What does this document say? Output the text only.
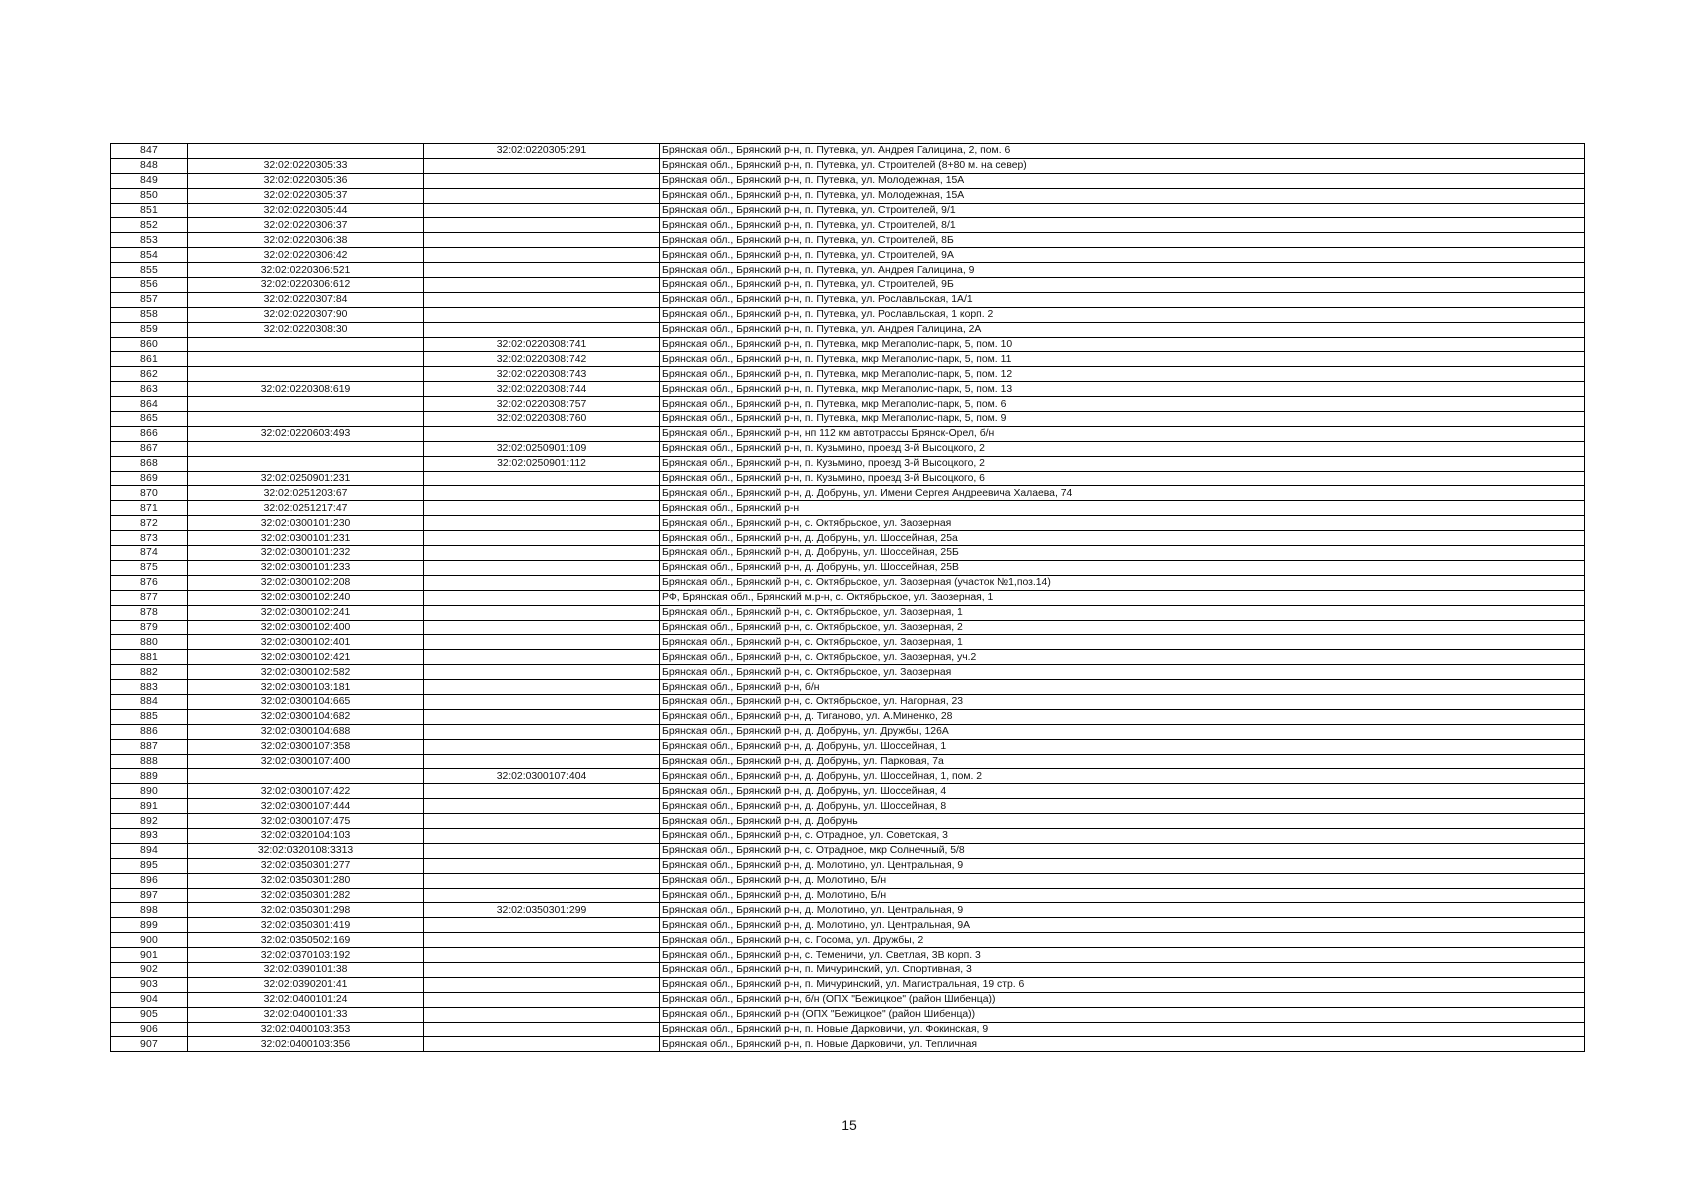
847		32:02:0220305:291	Брянская обл., Брянский р-н, п. Путевка, ул. Андрея Галицина, 2, пом. 6
848	32:02:0220305:33		Брянская обл., Брянский р-н, п. Путевка, ул. Строителей (8+80 м. на север)
849	32:02:0220305:36		Брянская обл., Брянский р-н, п. Путевка, ул. Молодежная, 15А
850	32:02:0220305:37		Брянская обл., Брянский р-н, п. Путевка, ул. Молодежная, 15А
851	32:02:0220305:44		Брянская обл., Брянский р-н, п. Путевка, ул. Строителей, 9/1
852	32:02:0220306:37		Брянская обл., Брянский р-н, п. Путевка, ул. Строителей, 8/1
853	32:02:0220306:38		Брянская обл., Брянский р-н, п. Путевка, ул. Строителей, 8Б
854	32:02:0220306:42		Брянская обл., Брянский р-н, п. Путевка, ул. Строителей, 9А
855	32:02:0220306:521		Брянская обл., Брянский р-н, п. Путевка, ул. Андрея Галицина, 9
856	32:02:0220306:612		Брянская обл., Брянский р-н, п. Путевка, ул. Строителей, 9Б
857	32:02:0220307:84		Брянская обл., Брянский р-н, п. Путевка, ул. Рославльская, 1А/1
858	32:02:0220307:90		Брянская обл., Брянский р-н, п. Путевка, ул. Рославльская, 1 корп. 2
859	32:02:0220308:30		Брянская обл., Брянский р-н, п. Путевка, ул. Андрея Галицина, 2А
860		32:02:0220308:741	Брянская обл., Брянский р-н, п. Путевка, мкр Мегаполис-парк, 5, пом. 10
861		32:02:0220308:742	Брянская обл., Брянский р-н, п. Путевка, мкр Мегаполис-парк, 5, пом. 11
862		32:02:0220308:743	Брянская обл., Брянский р-н, п. Путевка, мкр Мегаполис-парк, 5, пом. 12
863	32:02:0220308:619	32:02:0220308:744	Брянская обл., Брянский р-н, п. Путевка, мкр Мегаполис-парк, 5, пом. 13
864		32:02:0220308:757	Брянская обл., Брянский р-н, п. Путевка, мкр Мегаполис-парк, 5, пом. 6
865		32:02:0220308:760	Брянская обл., Брянский р-н, п. Путевка, мкр Мегаполис-парк, 5, пом. 9
866	32:02:0220603:493		Брянская обл., Брянский р-н, нп 112 км автотрассы Брянск-Орел, б/н
867		32:02:0250901:109	Брянская обл., Брянский р-н, п. Кузьмино, проезд 3-й Высоцкого, 2
868		32:02:0250901:112	Брянская обл., Брянский р-н, п. Кузьмино, проезд 3-й Высоцкого, 2
869	32:02:0250901:231		Брянская обл., Брянский р-н, п. Кузьмино, проезд 3-й Высоцкого, 6
870	32:02:0251203:67		Брянская обл., Брянский р-н, д. Добрунь, ул. Имени Сергея Андреевича Халаева, 74
871	32:02:0251217:47		Брянская обл., Брянский р-н
872	32:02:0300101:230		Брянская обл., Брянский р-н, с. Октябрьское, ул. Заозерная
873	32:02:0300101:231		Брянская обл., Брянский р-н, д. Добрунь, ул. Шоссейная, 25а
874	32:02:0300101:232		Брянская обл., Брянский р-н, д. Добрунь, ул. Шоссейная, 25Б
875	32:02:0300101:233		Брянская обл., Брянский р-н, д. Добрунь, ул. Шоссейная, 25В
876	32:02:0300102:208		Брянская обл., Брянский р-н, с. Октябрьское, ул. Заозерная (участок №1,поз.14)
877	32:02:0300102:240		РФ, Брянская обл., Брянский м.р-н, с. Октябрьское, ул. Заозерная, 1
878	32:02:0300102:241		Брянская обл., Брянский р-н, с. Октябрьское, ул. Заозерная, 1
879	32:02:0300102:400		Брянская обл., Брянский р-н, с. Октябрьское, ул. Заозерная, 2
880	32:02:0300102:401		Брянская обл., Брянский р-н, с. Октябрьское, ул. Заозерная, 1
881	32:02:0300102:421		Брянская обл., Брянский р-н, с. Октябрьское, ул. Заозерная, уч.2
882	32:02:0300102:582		Брянская обл., Брянский р-н, с. Октябрьское, ул. Заозерная
883	32:02:0300103:181		Брянская обл., Брянский р-н, б/н
884	32:02:0300104:665		Брянская обл., Брянский р-н, с. Октябрьское, ул. Нагорная, 23
885	32:02:0300104:682		Брянская обл., Брянский р-н, д. Тиганово, ул. А.Миненко, 28
886	32:02:0300104:688		Брянская обл., Брянский р-н, д. Добрунь, ул. Дружбы, 126А
887	32:02:0300107:358		Брянская обл., Брянский р-н, д. Добрунь, ул. Шоссейная, 1
888	32:02:0300107:400		Брянская обл., Брянский р-н, д. Добрунь, ул. Парковая, 7а
889		32:02:0300107:404	Брянская обл., Брянский р-н, д. Добрунь, ул. Шоссейная, 1, пом. 2
890	32:02:0300107:422		Брянская обл., Брянский р-н, д. Добрунь, ул. Шоссейная, 4
891	32:02:0300107:444		Брянская обл., Брянский р-н, д. Добрунь, ул. Шоссейная, 8
892	32:02:0300107:475		Брянская обл., Брянский р-н, д. Добрунь
893	32:02:0320104:103		Брянская обл., Брянский р-н, с. Отрадное, ул. Советская, 3
894	32:02:0320108:3313		Брянская обл., Брянский р-н, с. Отрадное, мкр Солнечный, 5/8
895	32:02:0350301:277		Брянская обл., Брянский р-н, д. Молотино, ул. Центральная, 9
896	32:02:0350301:280		Брянская обл., Брянский р-н, д. Молотино, Б/н
897	32:02:0350301:282		Брянская обл., Брянский р-н, д. Молотино, Б/н
898	32:02:0350301:298	32:02:0350301:299	Брянская обл., Брянский р-н, д. Молотино, ул. Центральная, 9
899	32:02:0350301:419		Брянская обл., Брянский р-н, д. Молотино, ул. Центральная, 9А
900	32:02:0350502:169		Брянская обл., Брянский р-н, с. Госома, ул. Дружбы, 2
901	32:02:0370103:192		Брянская обл., Брянский р-н, с. Теменичи, ул. Светлая, 3В корп. 3
902	32:02:0390101:38		Брянская обл., Брянский р-н, п. Мичуринский, ул. Спортивная, 3
903	32:02:0390201:41		Брянская обл., Брянский р-н, п. Мичуринский, ул. Магистральная, 19 стр. 6
904	32:02:0400101:24		Брянская обл., Брянский р-н, б/н (ОПХ "Бежицкое" (район Шибенца))
905	32:02:0400101:33		Брянская обл., Брянский р-н (ОПХ "Бежицкое" (район Шибенца))
906	32:02:0400103:353		Брянская обл., Брянский р-н, п. Новые Дарковичи, ул. Фокинская, 9
907	32:02:0400103:356		Брянская обл., Брянский р-н, п. Новые Дарковичи, ул. Тепличная
15
